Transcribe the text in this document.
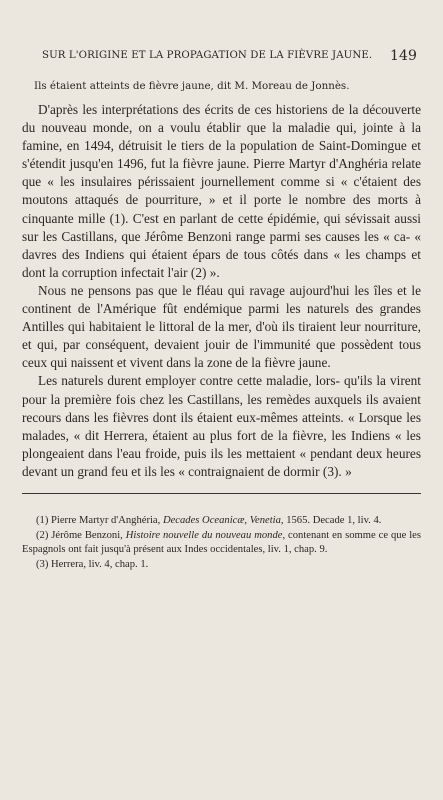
SUR L'ORIGINE ET LA PROPAGATION DE LA FIÈVRE JAUNE. 149
Ils étaient atteints de fièvre jaune, dit M. Moreau de Jonnès.

D'après les interprétations des écrits de ces historiens de la découverte du nouveau monde, on a voulu établir que la maladie qui, jointe à la famine, en 1494, détruisit le tiers de la population de Saint-Domingue et s'étendit jusqu'en 1496, fut la fièvre jaune. Pierre Martyr d'Anghéria relate que « les insulaires périssaient journellement comme si « c'étaient des moutons attaqués de pourriture, » et il porte le nombre des morts à cinquante mille (1). C'est en parlant de cette épidémie, qui sévissait aussi sur les Castillans, que Jérôme Benzoni range parmi ses causes les « ca- « davres des Indiens qui étaient épars de tous côtés dans « les champs et dont la corruption infectait l'air (2) ».

Nous ne pensons pas que le fléau qui ravage aujourd'hui les îles et le continent de l'Amérique fût endémique parmi les naturels des grandes Antilles qui habitaient le littoral de la mer, d'où ils tiraient leur nourriture, et qui, par conséquent, devaient jouir de l'immunité que possèdent tous ceux qui naissent et vivent dans la zone de la fièvre jaune.

Les naturels durent employer contre cette maladie, lors- qu'ils la virent pour la première fois chez les Castillans, les remèdes auxquels ils avaient recours dans les fièvres dont ils étaient eux-mêmes atteints. « Lorsque les malades, « dit Herrera, étaient au plus fort de la fièvre, les Indiens « les plongeaient dans l'eau froide, puis ils les mettaient « pendant deux heures devant un grand feu et ils les « contraignaient de dormir (3). »

(1) Pierre Martyr d'Anghéria, Decades Oceanicæ, Venetia, 1565. Decade 1, liv. 4.

(2) Jérôme Benzoni, Histoire nouvelle du nouveau monde, contenant en somme ce que les Espagnols ont fait jusqu'à présent aux Indes occidentales, liv. 1, chap. 9.

(3) Herrera, liv. 4, chap. 1.
